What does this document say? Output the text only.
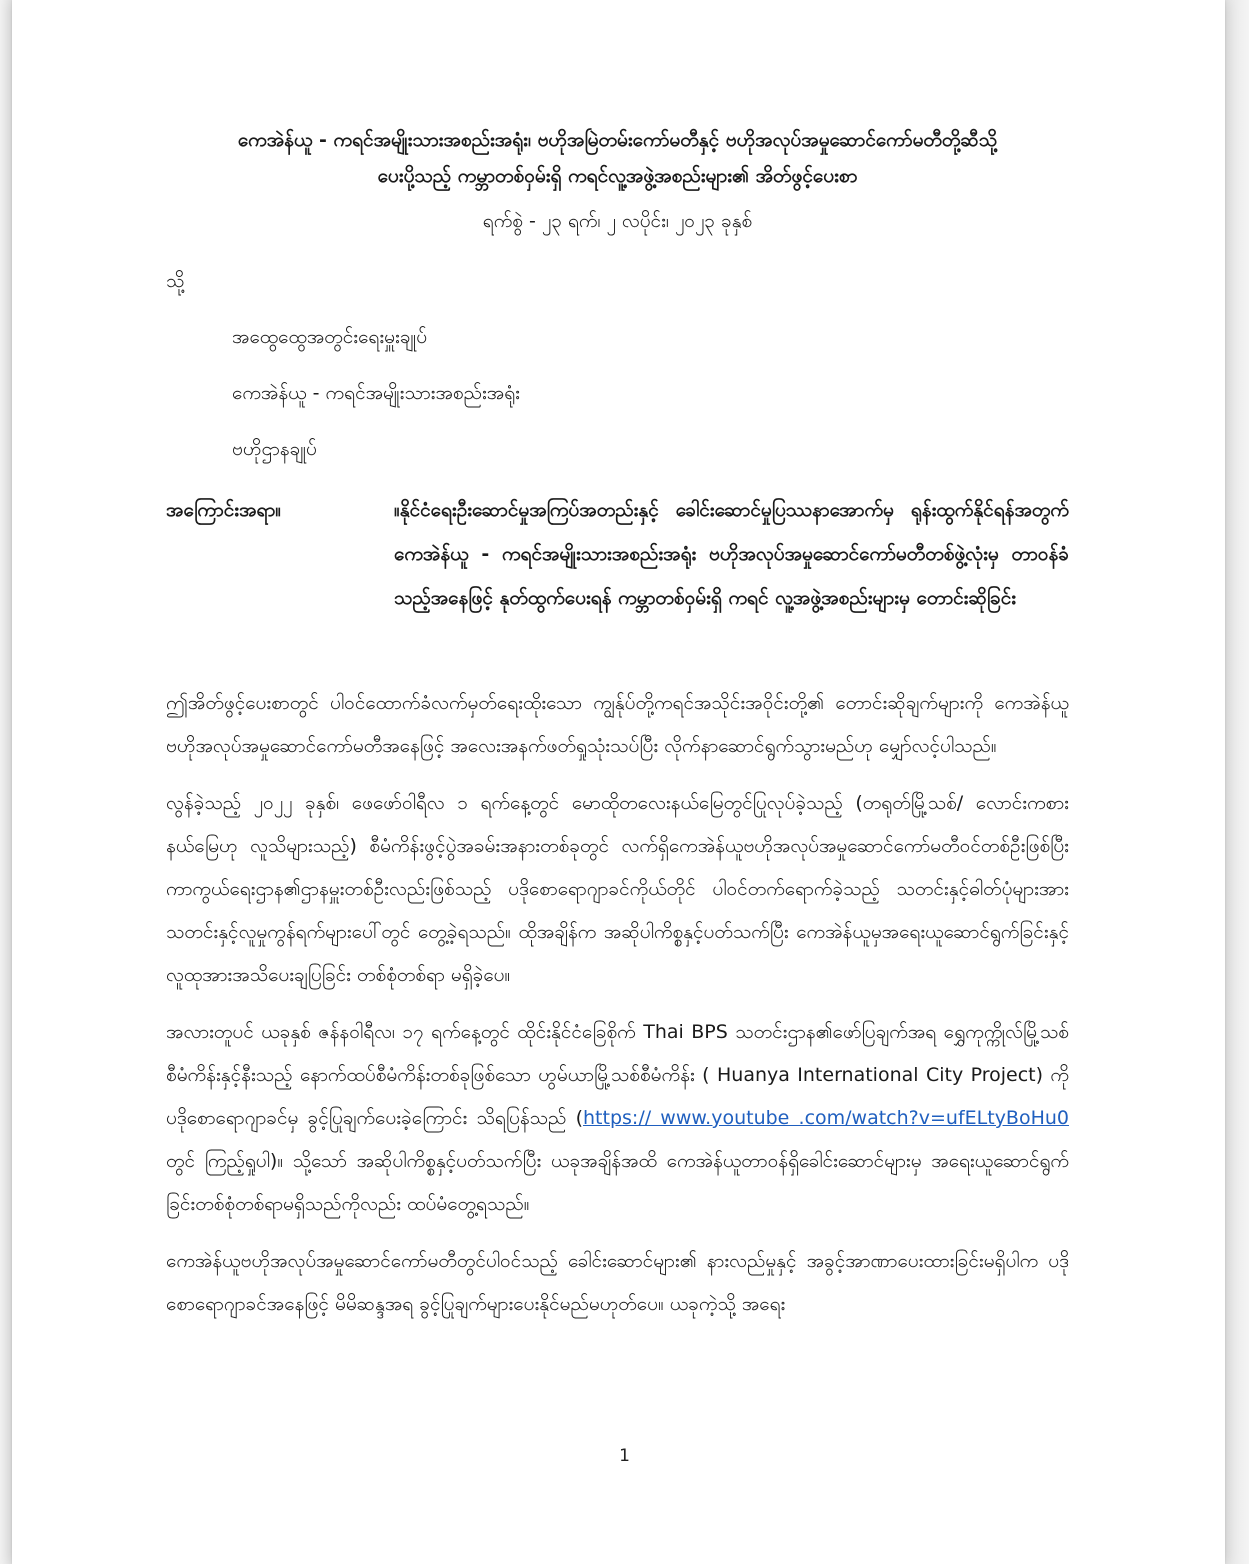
ကေအဲန်ယူ - ကရင်အမျိုးသားအစည်းအရုံး၊ ဗဟိုအမြဲတမ်းကော်မတီနှင့် ဗဟိုအလုပ်အမှုဆောင်ကော်မတီတို့ဆီသို့

ပေးပို့သည့် ကမ္ဘာတစ်ဝှမ်းရှိ ကရင်လူ့အဖွဲ့အစည်းများ၏ အိတ်ဖွင့်ပေးစာ

ရက်စွဲ - ၂၃ ရက်၊ ၂ လပိုင်း၊ ၂၀၂၃ ခုနှစ်
သို့
အထွေထွေအတွင်းရေးမှူးချုပ်
ကေအဲန်ယူ - ကရင်အမျိုးသားအစည်းအရုံး
ဗဟိုဌာနချုပ်
အကြောင်းအရာ။	။နိုင်ငံရေးဦးဆောင်မှုအကြပ်အတည်းနှင့် ခေါင်းဆောင်မှုပြဿနာအောက်မှ ရုန်းထွက်နိုင်ရန်အတွက် ကေအဲန်ယူ - ကရင်အမျိုးသားအစည်းအရုံး ဗဟိုအလုပ်အမှုဆောင်ကော်မတီတစ်ဖွဲ့လုံးမှ တာဝန်ခံသည့်အနေဖြင့် နုတ်ထွက်ပေးရန် ကမ္ဘာတစ်ဝှမ်းရှိ ကရင် လူ့အဖွဲ့အစည်းများမှ တောင်းဆိုခြင်း

ဤအိတ်ဖွင့်ပေးစာတွင် ပါဝင်ထောက်ခံလက်မှတ်ရေးထိုးသော ကျွန်ုပ်တို့ကရင်အသိုင်းအဝိုင်းတို့၏ တောင်းဆိုချက်များကို ကေအဲန်ယူဗဟိုအလုပ်အမှုဆောင်ကော်မတီအနေဖြင့် အလေးအနက်ဖတ်ရှုသုံးသပ်ပြီး လိုက်နာဆောင်ရွက်သွားမည်ဟု မျှော်လင့်ပါသည်။

လွန်ခဲ့သည့် ၂၀၂၂ ခုနှစ်၊ ဖေဖော်ဝါရီလ ၁ ရက်နေ့တွင် မောထိုတလေးနယ်မြေတွင်ပြုလုပ်ခဲ့သည့် (တရုတ်မြို့သစ်/ လောင်းကစားနယ်မြေဟု လူသိများသည့်) စီမံကိန်းဖွင့်ပွဲအခမ်းအနားတစ်ခုတွင် လက်ရှိကေအဲန်ယူဗဟိုအလုပ်အမှုဆောင်ကော်မတီဝင်တစ်ဦးဖြစ်ပြီး ကာကွယ်ရေးဌာန၏ဌာနမှူးတစ်ဦးလည်းဖြစ်သည့် ပဒိုစောရောဂျာခင်ကိုယ်တိုင် ပါဝင်တက်ရောက်ခဲ့သည့် သတင်းနှင့်ဓါတ်ပုံများအား သတင်းနှင့်လူမှုကွန်ရက်များပေါ်တွင် တွေ့ခဲ့ရသည်။ ထိုအချိန်က အဆိုပါကိစ္စနှင့်ပတ်သက်ပြီး ကေအဲန်ယူမှအရေးယူဆောင်ရွက်ခြင်းနှင့် လူထုအားအသိပေးချပြခြင်း တစ်စုံတစ်ရာ မရှိခဲ့ပေ။

အလားတူပင် ယခုနှစ် ဇန်နဝါရီလ၊ ၁၇ ရက်နေ့တွင် ထိုင်းနိုင်ငံခြေစိုက် Thai BPS သတင်းဌာန၏ဖော်ပြချက်အရ ရွှေကုက္ကိုလ်မြို့သစ်စီမံကိန်းနှင့်နီးသည့် နောက်ထပ်စီမံကိန်းတစ်ခုဖြစ်သော ဟွမ်ယာမြို့သစ်စီမံကိန်း ( Huanya International City Project) ကို ပဒိုစောရောဂျာခင်မှ ခွင့်ပြုချက်ပေးခဲ့ကြောင်း သိရပြန်သည် (https:// www.youtube .com/watch?v=ufELtyBoHu0 တွင် ကြည့်ရှုပါ)။ သို့သော် အဆိုပါကိစ္စနှင့်ပတ်သက်ပြီး ယခုအချိန်အထိ ကေအဲန်ယူတာဝန်ရှိခေါင်းဆောင်များမှ အရေးယူဆောင်ရွက်ခြင်းတစ်စုံတစ်ရာမရှိသည်ကိုလည်း ထပ်မံတွေ့ရသည်။

ကေအဲန်ယူဗဟိုအလုပ်အမှုဆောင်ကော်မတီတွင်ပါဝင်သည့် ခေါင်းဆောင်များ၏ နားလည်မှုနှင့် အခွင့်အာဏာပေးထားခြင်းမရှိပါက ပဒိုစောရောဂျာခင်အနေဖြင့် မိမိဆန္ဒအရ ခွင့်ပြုချက်များပေးနိုင်မည်မဟုတ်ပေ။ ယခုကဲ့သို့ အရေး

1
